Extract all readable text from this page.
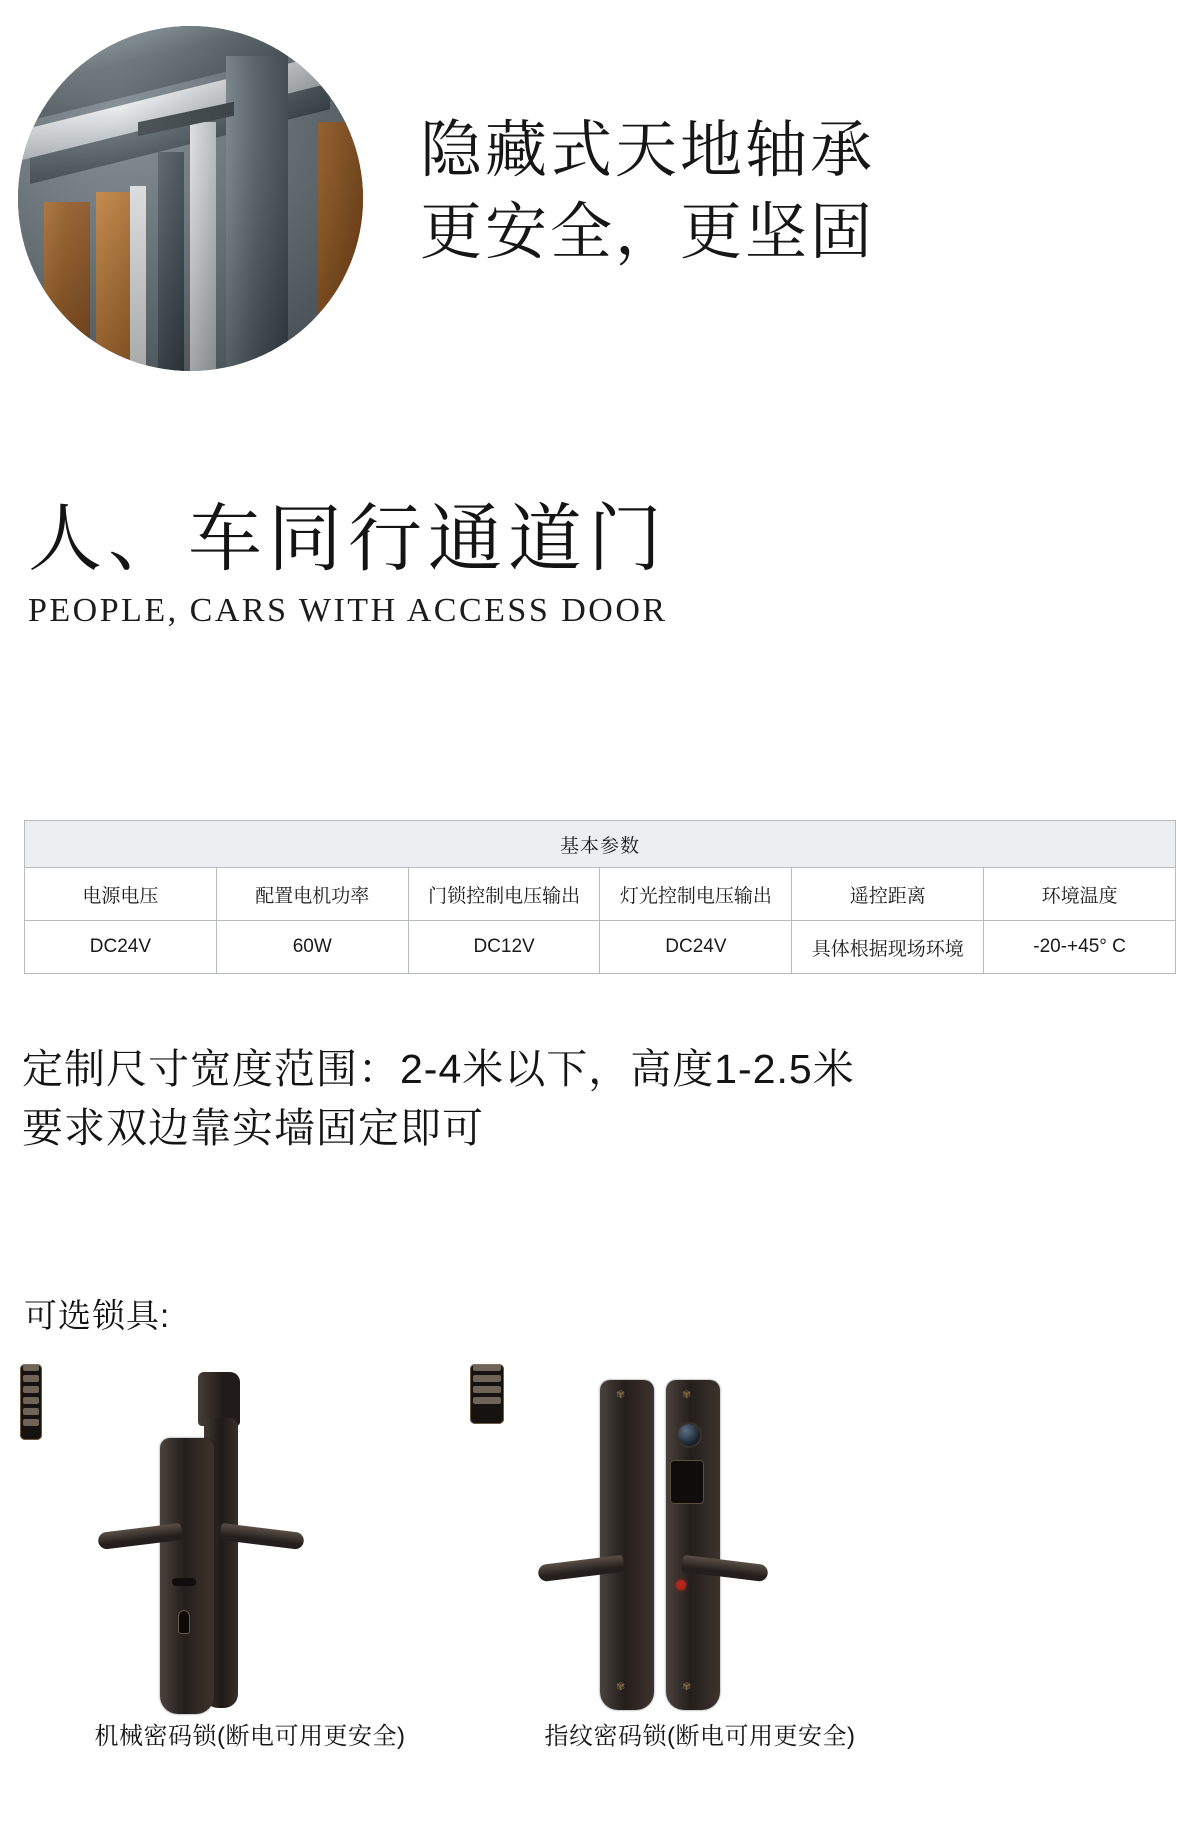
隐藏式天地轴承
更安全，更坚固
人、车同行通道门
PEOPLE, CARS WITH ACCESS DOOR
基本参数					
电源电压	配置电机功率	门锁控制电压输出	灯光控制电压输出	遥控距离	环境温度
DC24V	60W	DC12V	DC24V	具体根据现场环境	-20-+45° C
定制尺寸宽度范围：2-4米以下，高度1-2.5米
要求双边靠实墙固定即可
可选锁具:
机械密码锁(断电可用更安全)
✾	✾
✾	✾
指纹密码锁(断电可用更安全)
